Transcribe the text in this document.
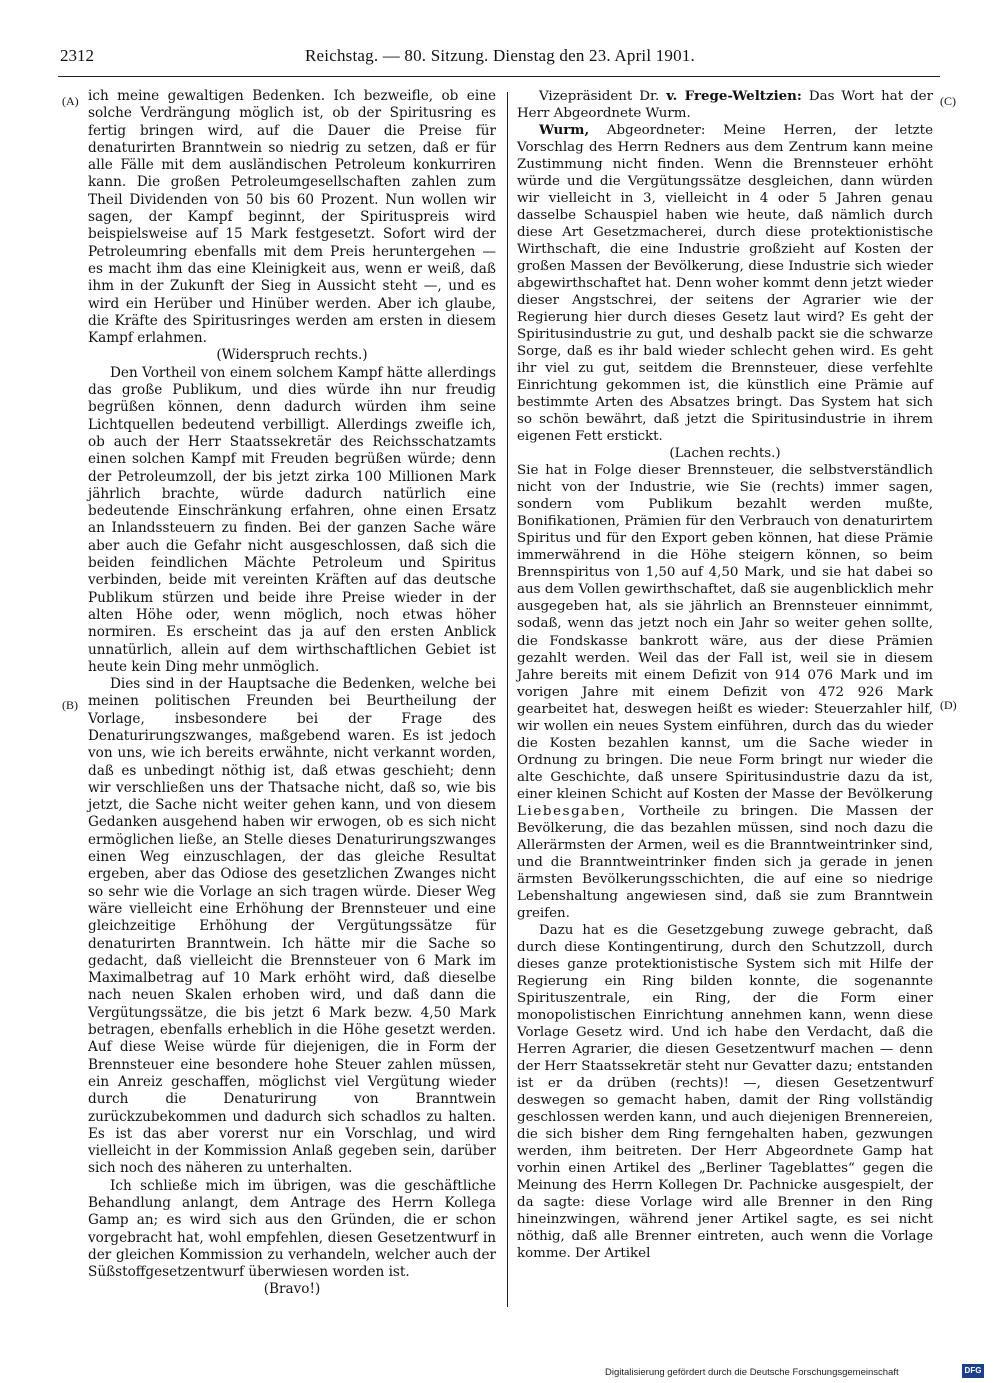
2312	Reichstag. — 80. Sitzung. Dienstag den 23. April 1901.
(A)
(B)
(C)
(D)

ich meine gewaltigen Bedenken. Ich bezweifle, ob eine solche Verdrängung möglich ist, ob der Spiritusring es fertig bringen wird, auf die Dauer die Preise für denaturirten Branntwein so niedrig zu setzen, daß er für alle Fälle mit dem ausländischen Petroleum konkurriren kann. Die großen Petroleumgesellschaften zahlen zum Theil Dividenden von 50 bis 60 Prozent. Nun wollen wir sagen, der Kampf beginnt, der Spirituspreis wird beispielsweise auf 15 Mark festgesetzt. Sofort wird der Petroleumring ebenfalls mit dem Preis heruntergehen — es macht ihm das eine Kleinigkeit aus, wenn er weiß, daß ihm in der Zukunft der Sieg in Aussicht steht —, und es wird ein Herüber und Hinüber werden. Aber ich glaube, die Kräfte des Spiritusringes werden am ersten in diesem Kampf erlahmen.

(Widerspruch rechts.)

Den Vortheil von einem solchem Kampf hätte allerdings das große Publikum, und dies würde ihn nur freudig begrüßen können, denn dadurch würden ihm seine Lichtquellen bedeutend verbilligt. Allerdings zweifle ich, ob auch der Herr Staatssekretär des Reichsschatzamts einen solchen Kampf mit Freuden begrüßen würde; denn der Petroleumzoll, der bis jetzt zirka 100 Millionen Mark jährlich brachte, würde dadurch natürlich eine bedeutende Einschränkung erfahren, ohne einen Ersatz an Inlandssteuern zu finden. Bei der ganzen Sache wäre aber auch die Gefahr nicht ausgeschlossen, daß sich die beiden feindlichen Mächte Petroleum und Spiritus verbinden, beide mit vereinten Kräften auf das deutsche Publikum stürzen und beide ihre Preise wieder in der alten Höhe oder, wenn möglich, noch etwas höher normiren. Es erscheint das ja auf den ersten Anblick unnatürlich, allein auf dem wirthschaftlichen Gebiet ist heute kein Ding mehr unmöglich.

Dies sind in der Hauptsache die Bedenken, welche bei meinen politischen Freunden bei Beurtheilung der Vorlage, insbesondere bei der Frage des Denaturirungszwanges, maßgebend waren. Es ist jedoch von uns, wie ich bereits erwähnte, nicht verkannt worden, daß es unbedingt nöthig ist, daß etwas geschieht; denn wir verschließen uns der Thatsache nicht, daß so, wie bis jetzt, die Sache nicht weiter gehen kann, und von diesem Gedanken ausgehend haben wir erwogen, ob es sich nicht ermöglichen ließe, an Stelle dieses Denaturirungszwanges einen Weg einzuschlagen, der das gleiche Resultat ergeben, aber das Odiose des gesetzlichen Zwanges nicht so sehr wie die Vorlage an sich tragen würde. Dieser Weg wäre vielleicht eine Erhöhung der Brennsteuer und eine gleichzeitige Erhöhung der Vergütungssätze für denaturirten Branntwein. Ich hätte mir die Sache so gedacht, daß vielleicht die Brennsteuer von 6 Mark im Maximalbetrag auf 10 Mark erhöht wird, daß dieselbe nach neuen Skalen erhoben wird, und daß dann die Vergütungssätze, die bis jetzt 6 Mark bezw. 4,50 Mark betragen, ebenfalls erheblich in die Höhe gesetzt werden. Auf diese Weise würde für diejenigen, die in Form der Brennsteuer eine besondere hohe Steuer zahlen müssen, ein Anreiz geschaffen, möglichst viel Vergütung wieder durch die Denaturirung von Branntwein zurückzubekommen und dadurch sich schadlos zu halten. Es ist das aber vorerst nur ein Vorschlag, und wird vielleicht in der Kommission Anlaß gegeben sein, darüber sich noch des näheren zu unterhalten.

Ich schließe mich im übrigen, was die geschäftliche Behandlung anlangt, dem Antrage des Herrn Kollega Gamp an; es wird sich aus den Gründen, die er schon vorgebracht hat, wohl empfehlen, diesen Gesetzentwurf in der gleichen Kommission zu verhandeln, welcher auch der Süßstoffgesetzentwurf überwiesen worden ist.

(Bravo!)

Vizepräsident Dr. v. Frege-Weltzien: Das Wort hat der Herr Abgeordnete Wurm.

Wurm, Abgeordneter: Meine Herren, der letzte Vorschlag des Herrn Redners aus dem Zentrum kann meine Zustimmung nicht finden. Wenn die Brennsteuer erhöht würde und die Vergütungssätze desgleichen, dann würden wir vielleicht in 3, vielleicht in 4 oder 5 Jahren genau dasselbe Schauspiel haben wie heute, daß nämlich durch diese Art Gesetzmacherei, durch diese protektionistische Wirthschaft, die eine Industrie großzieht auf Kosten der großen Massen der Bevölkerung, diese Industrie sich wieder abgewirthschaftet hat. Denn woher kommt denn jetzt wieder dieser Angstschrei, der seitens der Agrarier wie der Regierung hier durch dieses Gesetz laut wird? Es geht der Spiritusindustrie zu gut, und deshalb packt sie die schwarze Sorge, daß es ihr bald wieder schlecht gehen wird. Es geht ihr viel zu gut, seitdem die Brennsteuer, diese verfehlte Einrichtung gekommen ist, die künstlich eine Prämie auf bestimmte Arten des Absatzes bringt. Das System hat sich so schön bewährt, daß jetzt die Spiritusindustrie in ihrem eigenen Fett erstickt.

(Lachen rechts.)

Sie hat in Folge dieser Brennsteuer, die selbstverständlich nicht von der Industrie, wie Sie (rechts) immer sagen, sondern vom Publikum bezahlt werden mußte, Bonifikationen, Prämien für den Verbrauch von denaturirtem Spiritus und für den Export geben können, hat diese Prämie immerwährend in die Höhe steigern können, so beim Brennspiritus von 1,50 auf 4,50 Mark, und sie hat dabei so aus dem Vollen gewirthschaftet, daß sie augenblicklich mehr ausgegeben hat, als sie jährlich an Brennsteuer einnimmt, sodaß, wenn das jetzt noch ein Jahr so weiter gehen sollte, die Fondskasse bankrott wäre, aus der diese Prämien gezahlt werden. Weil das der Fall ist, weil sie in diesem Jahre bereits mit einem Defizit von 914 076 Mark und im vorigen Jahre mit einem Defizit von 472 926 Mark gearbeitet hat, deswegen heißt es wieder: Steuerzahler hilf, wir wollen ein neues System einführen, durch das du wieder die Kosten bezahlen kannst, um die Sache wieder in Ordnung zu bringen. Die neue Form bringt nur wieder die alte Geschichte, daß unsere Spiritusindustrie dazu da ist, einer kleinen Schicht auf Kosten der Masse der Bevölkerung Liebesgaben, Vortheile zu bringen. Die Massen der Bevölkerung, die das bezahlen müssen, sind noch dazu die Allerärmsten der Armen, weil es die Branntweintrinker sind, und die Branntweintrinker finden sich ja gerade in jenen ärmsten Bevölkerungsschichten, die auf eine so niedrige Lebenshaltung angewiesen sind, daß sie zum Branntwein greifen.

Dazu hat es die Gesetzgebung zuwege gebracht, daß durch diese Kontingentirung, durch den Schutzzoll, durch dieses ganze protektionistische System sich mit Hilfe der Regierung ein Ring bilden konnte, die sogenannte Spirituszentrale, ein Ring, der die Form einer monopolistischen Einrichtung annehmen kann, wenn diese Vorlage Gesetz wird. Und ich habe den Verdacht, daß die Herren Agrarier, die diesen Gesetzentwurf machen — denn der Herr Staatssekretär steht nur Gevatter dazu; entstanden ist er da drüben (rechts)! —, diesen Gesetzentwurf deswegen so gemacht haben, damit der Ring vollständig geschlossen werden kann, und auch diejenigen Brennereien, die sich bisher dem Ring ferngehalten haben, gezwungen werden, ihm beitreten. Der Herr Abgeordnete Gamp hat vorhin einen Artikel des „Berliner Tageblattes“ gegen die Meinung des Herrn Kollegen Dr. Pachnicke ausgespielt, der da sagte: diese Vorlage wird alle Brenner in den Ring hineinzwingen, während jener Artikel sagte, es sei nicht nöthig, daß alle Brenner eintreten, auch wenn die Vorlage komme. Der Artikel

Digitalisierung gefördert durch die Deutsche Forschungsgemeinschaft	DFG
